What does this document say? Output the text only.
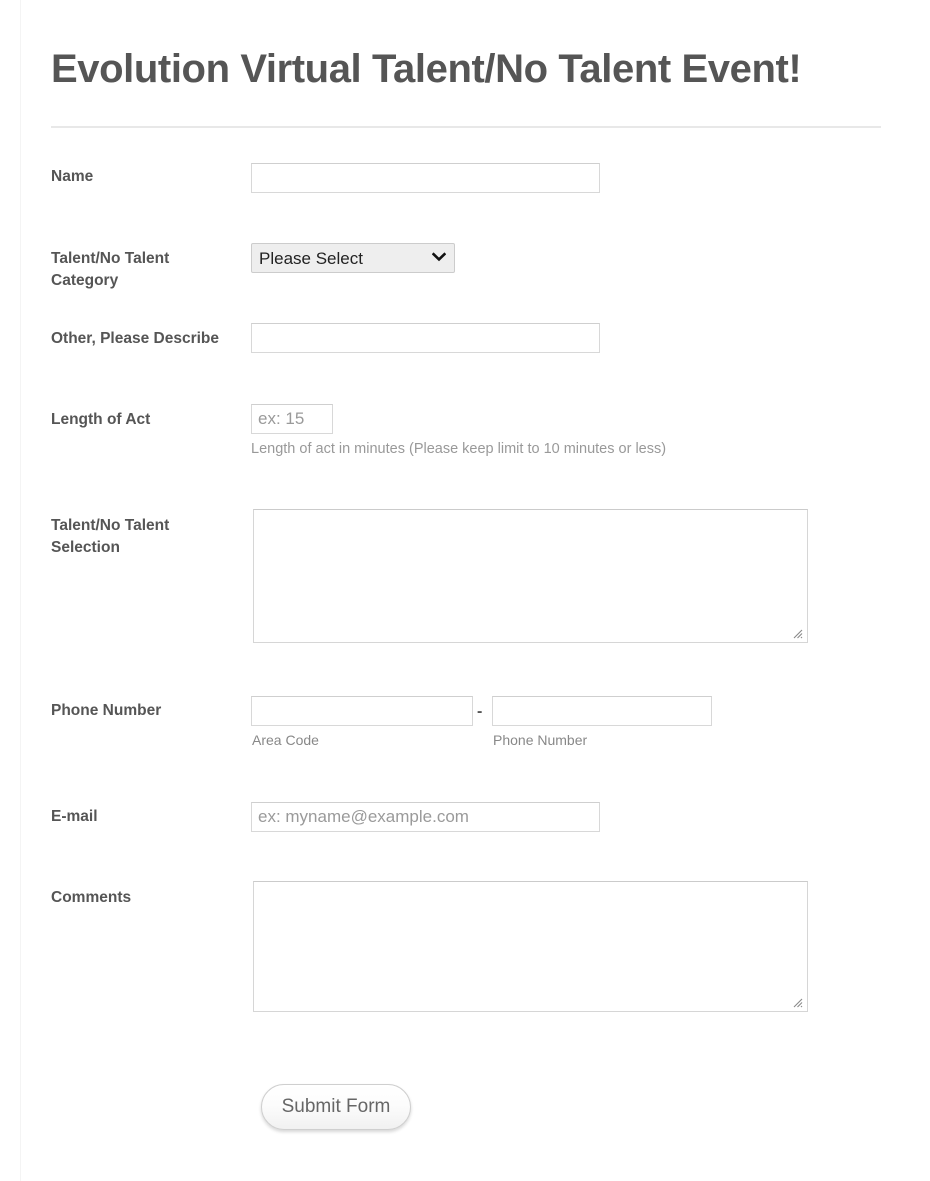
Evolution Virtual Talent/No Talent Event!
Name
Talent/No Talent Category
Please Select
Other, Please Describe
Length of Act
ex: 15
Length of act in minutes (Please keep limit to 10 minutes or less)
Talent/No Talent Selection
Phone Number	-
Area Code	Phone Number
E-mail
ex: myname@example.com
Comments
Submit Form
